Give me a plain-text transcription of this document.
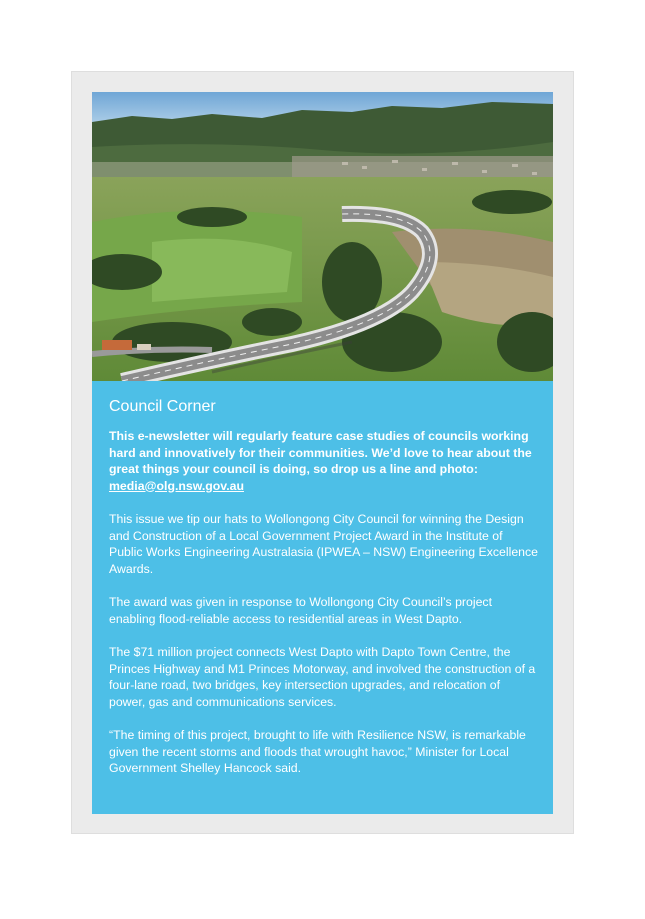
Council Corner

This e-newsletter will regularly feature case studies of councils working hard and innovatively for their communities. We’d love to hear about the great things your council is doing, so drop us a line and photo: media@olg.nsw.gov.au

This issue we tip our hats to Wollongong City Council for winning the Design and Construction of a Local Government Project Award in the Institute of Public Works Engineering Australasia (IPWEA – NSW) Engineering Excellence Awards.

The award was given in response to Wollongong City Council’s project enabling flood-reliable access to residential areas in West Dapto.

The $71 million project connects West Dapto with Dapto Town Centre, the Princes Highway and M1 Princes Motorway, and involved the construction of a four-lane road, two bridges, key intersection upgrades, and relocation of power, gas and communications services.

“The timing of this project, brought to life with Resilience NSW, is remarkable given the recent storms and floods that wrought havoc,” Minister for Local Government Shelley Hancock said.
